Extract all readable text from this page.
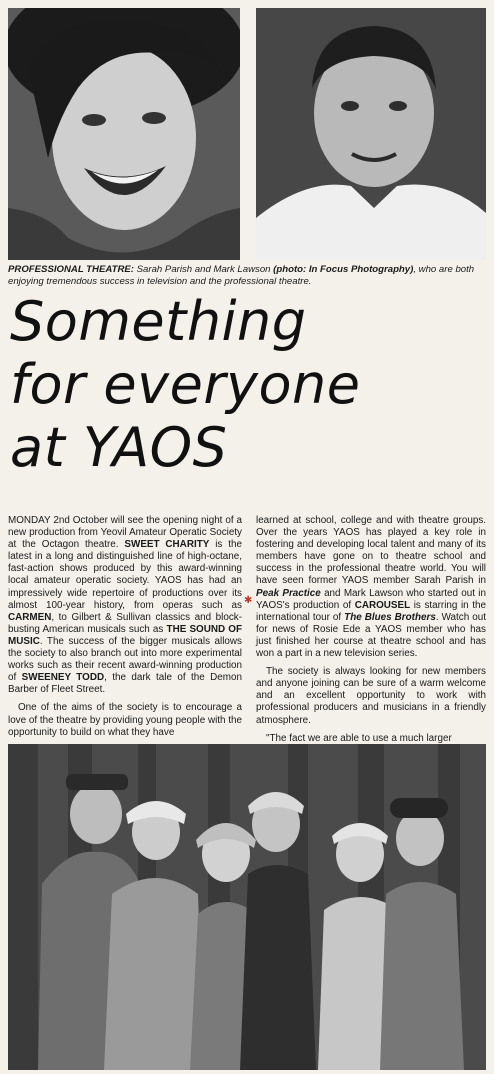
PROFESSIONAL THEATRE: Sarah Parish and Mark Lawson (photo: In Focus Photography), who are both enjoying tremendous success in television and the professional theatre.
Something
for everyone
at YAOS

MONDAY 2nd October will see the opening night of a new production from Yeovil Amateur Operatic Society at the Octagon theatre. SWEET CHARITY is the latest in a long and distinguished line of high-octane, fast-action shows produced by this award-winning local amateur operatic society. YAOS has had an impressively wide repertoire of productions over its almost 100-year history, from operas such as CARMEN, to Gilbert & Sullivan classics and block-busting American musicals such as THE SOUND OF MUSIC. The success of the bigger musicals allows the society to also branch out into more experimental works such as their recent award-winning production of SWEENEY TODD, the dark tale of the Demon Barber of Fleet Street.

One of the aims of the society is to encourage a love of the theatre by providing young people with the opportunity to build on what they have

✱

learned at school, college and with theatre groups. Over the years YAOS has played a key role in fostering and developing local talent and many of its members have gone on to theatre school and success in the professional theatre world. You will have seen former YAOS member Sarah Parish in Peak Practice and Mark Lawson who started out in YAOS's production of CAROUSEL is starring in the international tour of The Blues Brothers. Watch out for news of Rosie Ede a YAOS member who has just finished her course at theatre school and has won a part in a new television series.

The society is always looking for new members and anyone joining can be sure of a warm welcome and an excellent opportunity to work with professional producers and musicians in a friendly atmosphere.

"The fact we are able to use a much larger
